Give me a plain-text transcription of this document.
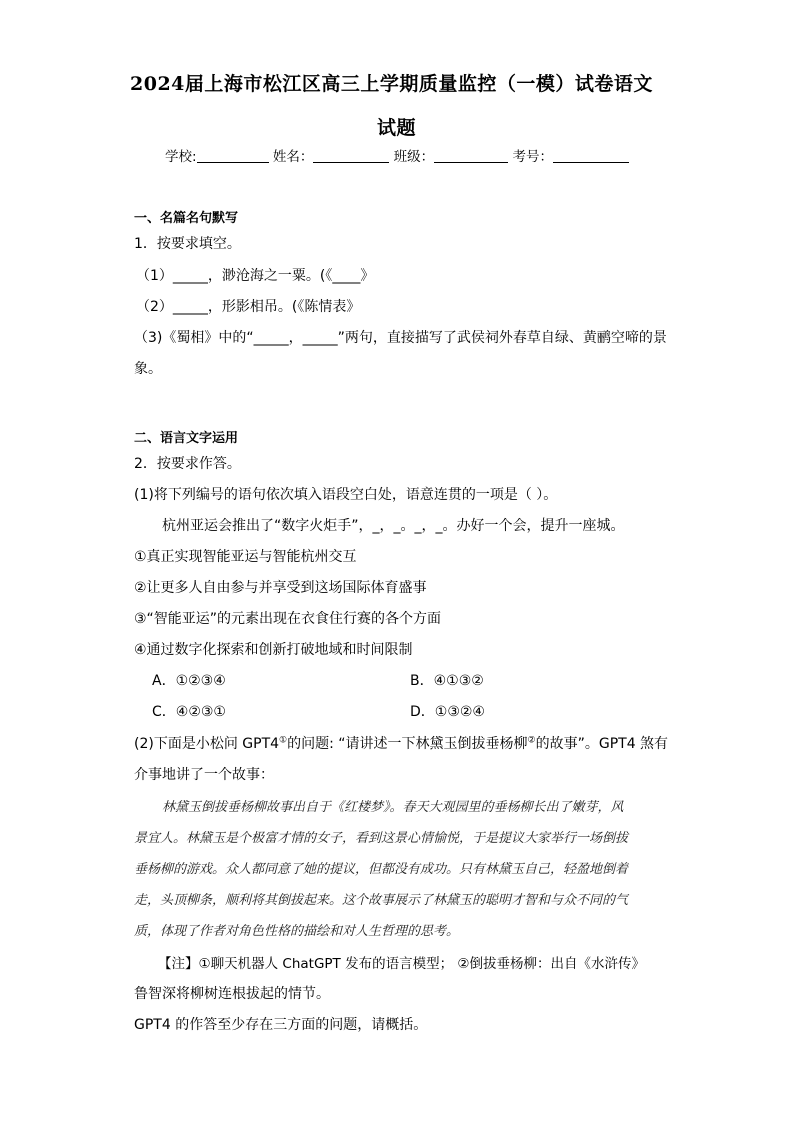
2024届上海市松江区高三上学期质量监控（一模）试卷语文
试题
学校:	姓名：	班级：	考号：
一、名篇名句默写
1．按要求填空。
（1）_____，渺沧海之一粟。(《____》
（2）_____，形影相吊。(《陈情表》
（3)《蜀相》中的“_____，_____”两句，直接描写了武侯祠外春草自绿、黄鹂空啼的景
象。
二、语言文字运用
2．按要求作答。
(1)将下列编号的语句依次填入语段空白处，语意连贯的一项是（ ）。
杭州亚运会推出了“数字火炬手”，_，_。_，_。办好一个会，提升一座城。
①真正实现智能亚运与智能杭州交互
②让更多人自由参与并享受到这场国际体育盛事
③“智能亚运”的元素出现在衣食住行赛的各个方面
④通过数字化探索和创新打破地域和时间限制
A．①②③④	B．④①③②
C．④②③①	D．①③②④
(2)下面是小松问 GPT4①的问题: “请讲述一下林黛玉倒拔垂杨柳②的故事”。GPT4 煞有
介事地讲了一个故事：
林黛玉倒拔垂杨柳故事出自于《红楼梦》。春天大观园里的垂杨柳长出了嫩芽，风
景宜人。林黛玉是个极富才情的女子，看到这景心情愉悦，于是提议大家举行一场倒拔
垂杨柳的游戏。众人都同意了她的提议，但都没有成功。只有林黛玉自己，轻盈地倒着
走，头顶柳条，顺利将其倒拔起来。这个故事展示了林黛玉的聪明才智和与众不同的气
质，体现了作者对角色性格的描绘和对人生哲理的思考。
【注】①聊天机器人 ChatGPT 发布的语言模型； ②倒拔垂杨柳：出自《水浒传》
鲁智深将柳树连根拔起的情节。
GPT4 的作答至少存在三方面的问题，请概括。
